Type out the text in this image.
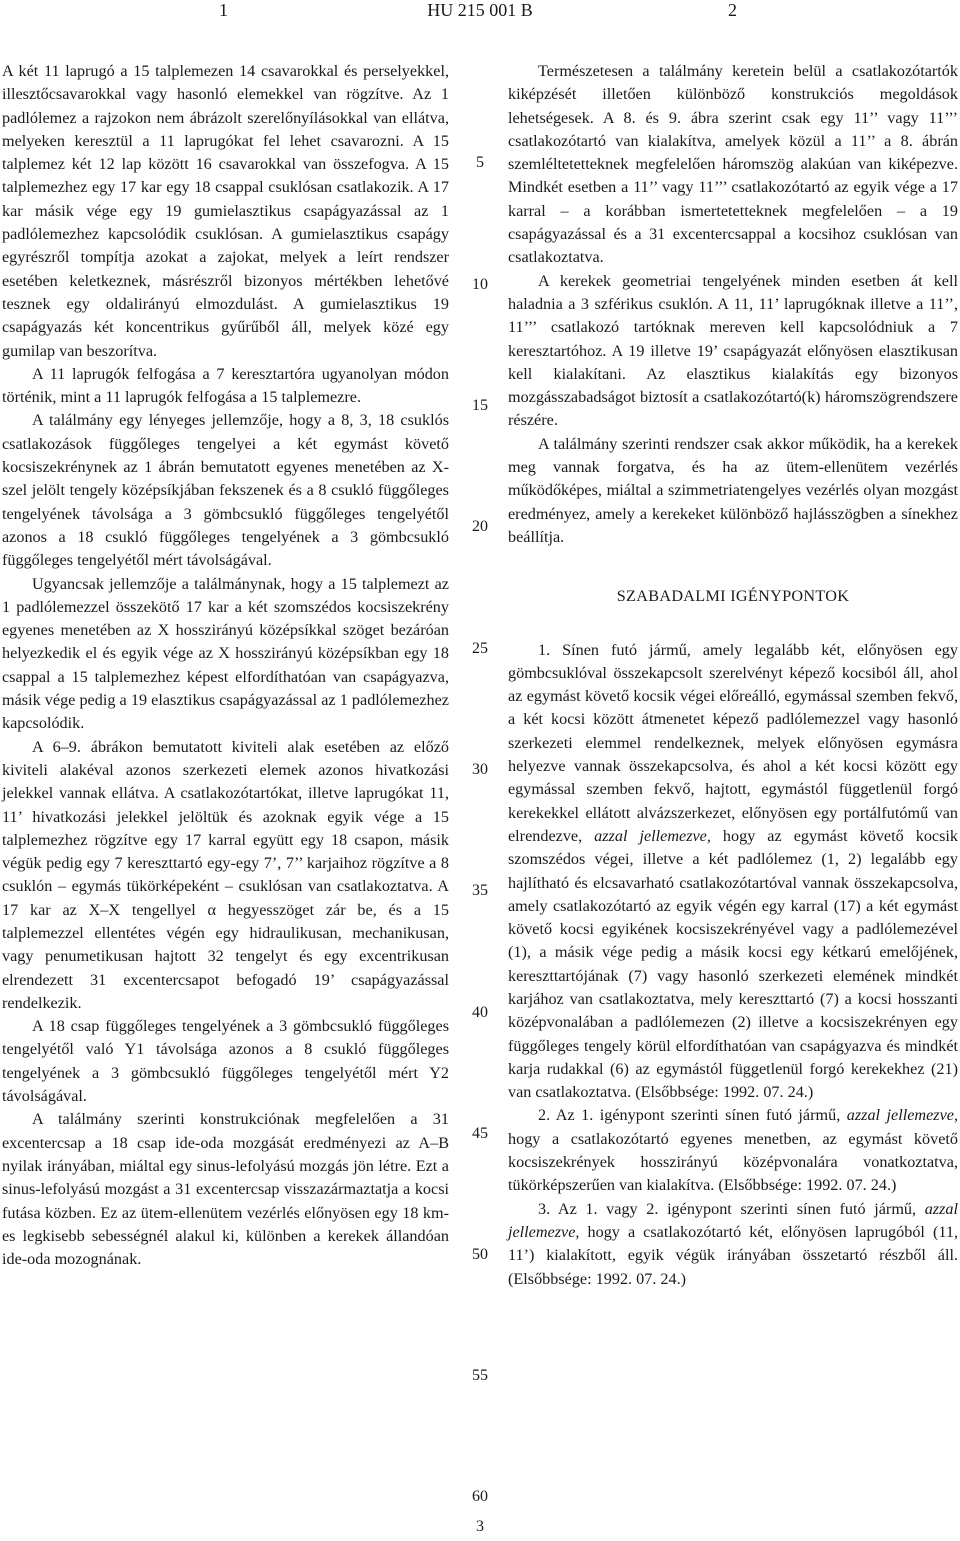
1	HU 215 001 B	2

A két 11 laprugó a 15 talplemezen 14 csavarokkal és perselyekkel, illesztőcsavarokkal vagy hasonló elemekkel van rögzítve. Az 1 padlólemez a rajzokon nem ábrázolt szerelőnyílásokkal van ellátva, melyeken keresztül a 11 laprugókat fel lehet csavarozni. A 15 talplemez két 12 lap között 16 csavarokkal van összefogva. A 15 talplemezhez egy 17 kar egy 18 csappal csuklósan csatlakozik. A 17 kar másik vége egy 19 gumielasztikus csapágyazással az 1 padlólemezhez kapcsolódik csuklósan. A gumielasztikus csapágy egyrészről tompítja azokat a zajokat, melyek a leírt rendszer esetében keletkeznek, másrészről bizonyos mértékben lehetővé tesznek egy oldalirányú elmozdulást. A gumielasztikus 19 csapágyazás két koncentrikus gyűrűből áll, melyek közé egy gumilap van beszorítva.

A 11 laprugók felfogása a 7 keresztartóra ugyanolyan módon történik, mint a 11 laprugók felfogása a 15 talplemezre.

A találmány egy lényeges jellemzője, hogy a 8, 3, 18 csuklós csatlakozások függőleges tengelyei a két egymást követő kocsiszekrénynek az 1 ábrán bemutatott egyenes menetében az X-szel jelölt tengely középsíkjában fekszenek és a 8 csukló függőleges tengelyének távolsága a 3 gömbcsukló függőleges tengelyétől azonos a 18 csukló függőleges tengelyének a 3 gömbcsukló függőleges tengelyétől mért távolságával.

Ugyancsak jellemzője a találmánynak, hogy a 15 talplemezt az 1 padlólemezzel összekötő 17 kar a két szomszédos kocsiszekrény egyenes menetében az X hosszirányú középsíkkal szöget bezáróan helyezkedik el és egyik vége az X hosszirányú középsíkban egy 18 csappal a 15 talplemezhez képest elfordíthatóan van csapágyazva, másik vége pedig a 19 elasztikus csapágyazással az 1 padlólemezhez kapcsolódik.

A 6–9. ábrákon bemutatott kiviteli alak esetében az előző kiviteli alakéval azonos szerkezeti elemek azonos hivatkozási jelekkel vannak ellátva. A csatlakozótartókat, illetve laprugókat 11, 11’ hivatkozási jelekkel jelöltük és azoknak egyik vége a 15 talplemezhez rögzítve egy 17 karral együtt egy 18 csapon, másik végük pedig egy 7 kereszttartó egy-egy 7’, 7’’ karjaihoz rögzítve a 8 csuklón – egymás tükörképeként – csuklósan van csatlakoztatva. A 17 kar az X–X tengellyel α hegyesszöget zár be, és a 15 talplemezzel ellentétes végén egy hidraulikusan, mechanikusan, vagy penumetikusan hajtott 32 tengelyt és egy excentrikusan elrendezett 31 excentercsapot befogadó 19’ csapágyazással rendelkezik.

A 18 csap függőleges tengelyének a 3 gömbcsukló függőleges tengelyétől való Y1 távolsága azonos a 8 csukló függőleges tengelyének a 3 gömbcsukló függőleges tengelyétől mért Y2 távolságával.

A találmány szerinti konstrukciónak megfelelően a 31 excentercsap a 18 csap ide-oda mozgását eredményezi az A–B nyilak irányában, miáltal egy sinus-lefolyású mozgás jön létre. Ezt a sinus-lefolyású mozgást a 31 excentercsap visszazármaztatja a kocsi futása közben. Ez az ütem-ellenütem vezérlés előnyösen egy 18 km-es legkisebb sebességnél alakul ki, különben a kerekek állandóan ide-oda mozognának.

Természetesen a találmány keretein belül a csatlakozótartók kiképzését illetően különböző konstrukciós megoldások lehetségesek. A 8. és 9. ábra szerint csak egy 11’’ vagy 11’’’ csatlakozótartó van kialakítva, amelyek közül a 11’’ a 8. ábrán szemléltetetteknek megfelelően háromszög alakúan van kiképezve. Mindkét esetben a 11’’ vagy 11’’’ csatlakozótartó az egyik vége a 17 karral – a korábban ismertetetteknek megfelelően – a 19 csapágyazással és a 31 excentercsappal a kocsihoz csuklósan van csatlakoztatva.

A kerekek geometriai tengelyének minden esetben át kell haladnia a 3 szférikus csuklón. A 11, 11’ laprugóknak illetve a 11’’, 11’’’ csatlakozó tartóknak mereven kell kapcsolódniuk a 7 keresztartóhoz. A 19 illetve 19’ csapágyazát előnyösen elasztikusan kell kialakítani. Az elasztikus kialakítás egy bizonyos mozgásszabadságot biztosít a csatlakozótartó(k) háromszögrendszere részére.

A találmány szerinti rendszer csak akkor működik, ha a kerekek meg vannak forgatva, és ha az ütem-ellenütem vezérlés működőképes, miáltal a szimmetriatengelyes vezérlés olyan mozgást eredményez, amely a kerekeket különböző hajlásszögben a sínekhez beállítja.

SZABADALMI IGÉNYPONTOK

1. Sínen futó jármű, amely legalább két, előnyösen egy gömbcsuklóval összekapcsolt szerelvényt képező kocsiból áll, ahol az egymást követő kocsik végei előreálló, egymással szemben fekvő, a két kocsi között átmenetet képező padlólemezzel vagy hasonló szerkezeti elemmel rendelkeznek, melyek előnyösen egymásra helyezve vannak összekapcsolva, és ahol a két kocsi között egy egymással szemben fekvő, hajtott, egymástól függetlenül forgó kerekekkel ellátott alvázszerkezet, előnyösen egy portálfutómű van elrendezve, azzal jellemezve, hogy az egymást követő kocsik szomszédos végei, illetve a két padlólemez (1, 2) legalább egy hajlítható és elcsavarható csatlakozótartóval vannak összekapcsolva, amely csatlakozótartó az egyik végén egy karral (17) a két egymást követő kocsi egyikének kocsiszekrényével vagy a padlólemezével (1), a másik vége pedig a másik kocsi egy kétkarú emelőjének, kereszttartójának (7) vagy hasonló szerkezeti elemének mindkét karjához van csatlakoztatva, mely kereszttartó (7) a kocsi hosszanti középvonalában a padlólemezen (2) illetve a kocsiszekrényen egy függőleges tengely körül elfordíthatóan van csapágyazva és mindkét karja rudakkal (6) az egymástól függetlenül forgó kerekekhez (21) van csatlakoztatva. (Elsőbbsége: 1992. 07. 24.)

2. Az 1. igénypont szerinti sínen futó jármű, azzal jellemezve, hogy a csatlakozótartó egyenes menetben, az egymást követő kocsiszekrények hosszirányú középvonalára vonatkoztatva, tükörképszerűen van kialakítva. (Elsőbbsége: 1992. 07. 24.)

3. Az 1. vagy 2. igénypont szerinti sínen futó jármű, azzal jellemezve, hogy a csatlakozótartó két, előnyösen laprugóból (11, 11’) kialakított, egyik végük irányában összetartó részből áll. (Elsőbbsége: 1992. 07. 24.)

5
10
15
20
25
30
35
40
45
50
55
60
3
